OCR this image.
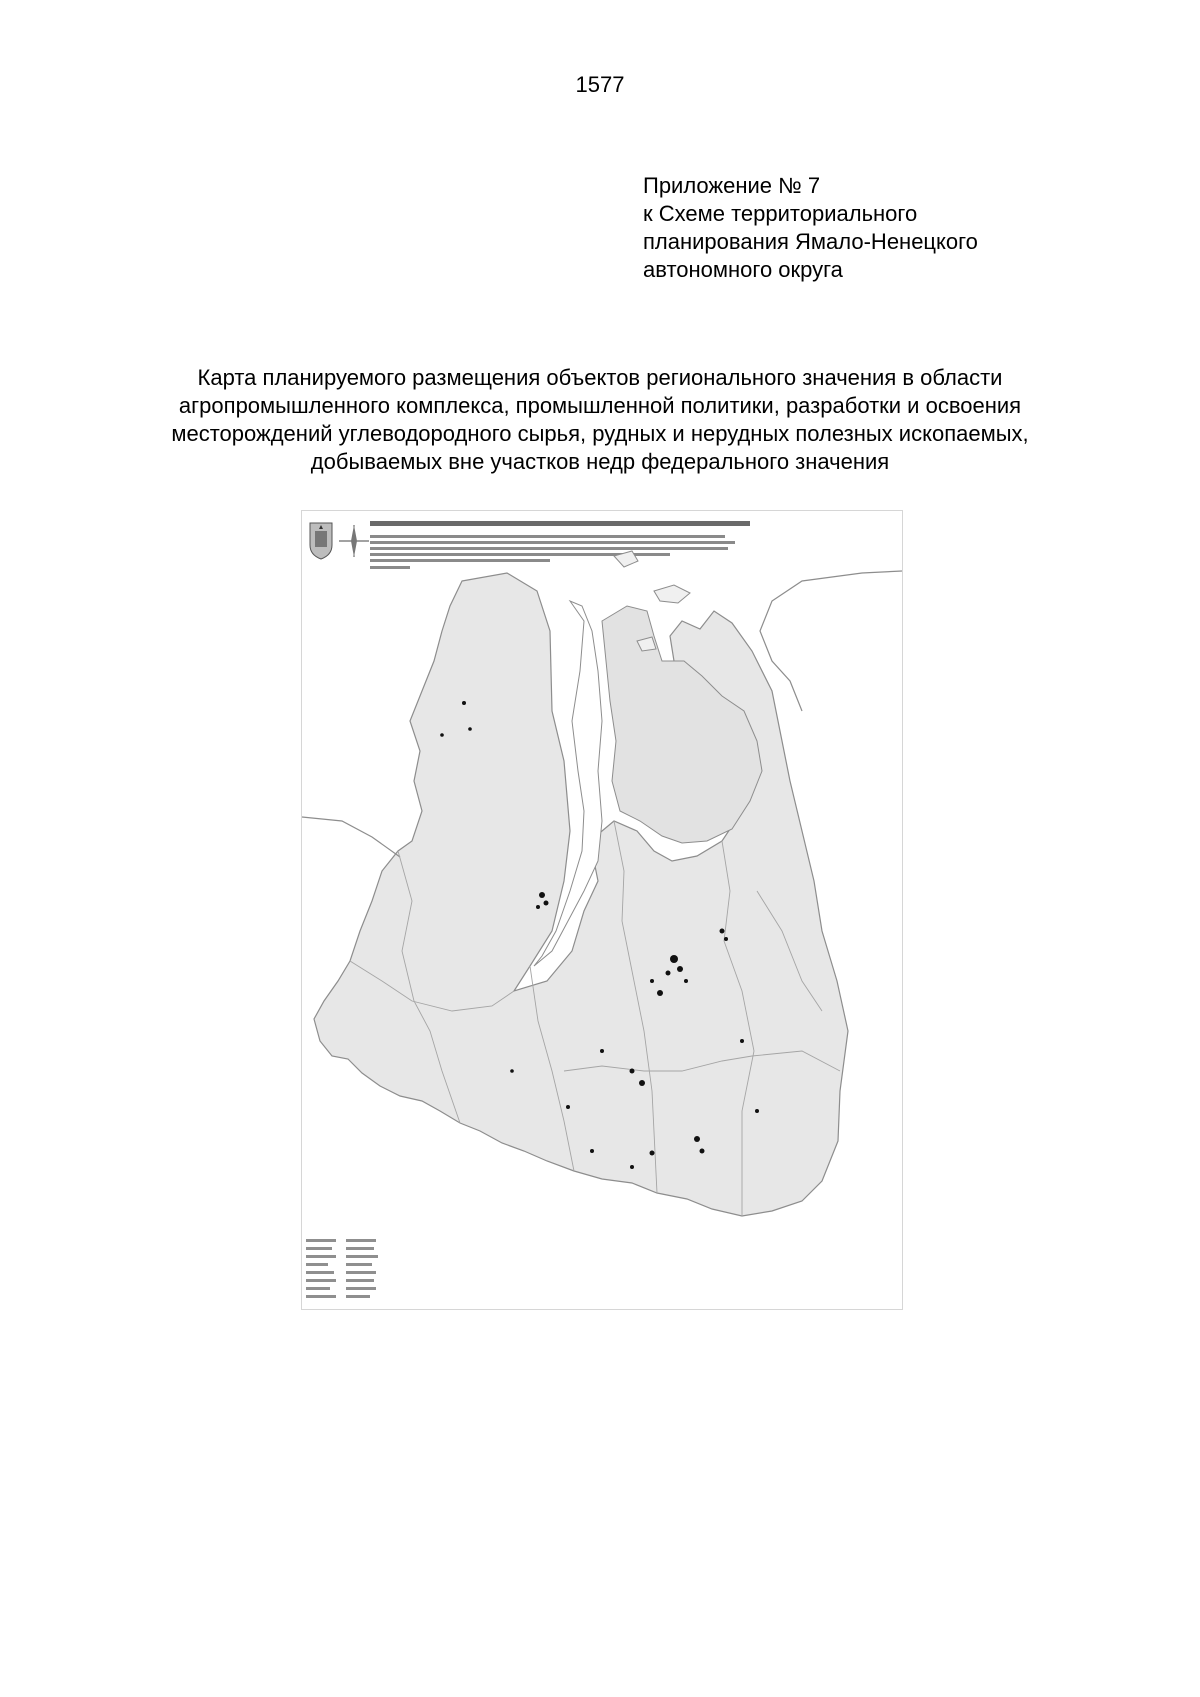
1577
Приложение № 7
к Схеме территориального
планирования Ямало-Ненецкого
автономного округа
Карта планируемого размещения объектов регионального значения в области
агропромышленного комплекса, промышленной политики, разработки и освоения
месторождений углеводородного сырья, рудных и нерудных полезных ископаемых,
добываемых вне участков недр федерального значения
